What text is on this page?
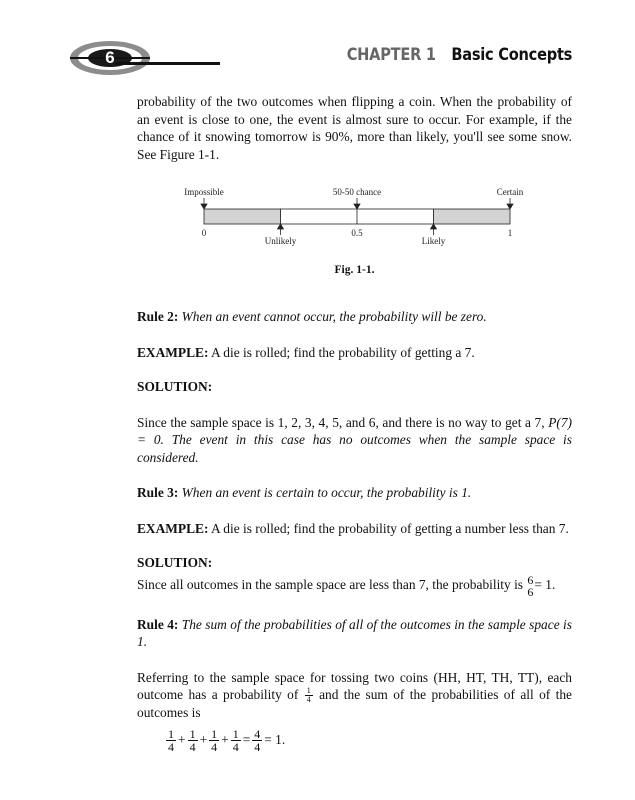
6	CHAPTER 1 Basic Concepts

probability of the two outcomes when flipping a coin. When the probability of an event is close to one, the event is almost sure to occur. For example, if the chance of it snowing tomorrow is 90%, more than likely, you'll see some snow. See Figure 1-1.

Impossible	50-50 chance	Certain
0	0.5	1
Unlikely	Likely
Fig. 1-1.

Rule 2: When an event cannot occur, the probability will be zero.

EXAMPLE: A die is rolled; find the probability of getting a 7.

SOLUTION:

Since the sample space is 1, 2, 3, 4, 5, and 6, and there is no way to get a 7, P(7) = 0. The event in this case has no outcomes when the sample space is considered.

Rule 3: When an event is certain to occur, the probability is 1.

EXAMPLE: A die is rolled; find the probability of getting a number less than 7.

SOLUTION:

Since all outcomes in the sample space are less than 7, the probability is 6
6 = 1.

Rule 4: The sum of the probabilities of all of the outcomes in the sample space is 1.

Referring to the sample space for tossing two coins (HH, HT, TH, TT), each outcome has a probability of $\frac{1}{4}$ and the sum of the probabilities of all of the outcomes is

$\frac{1}{4} + \frac{1}{4} + \frac{1}{4} + \frac{1}{4} = \frac{4}{4} = 1$.
